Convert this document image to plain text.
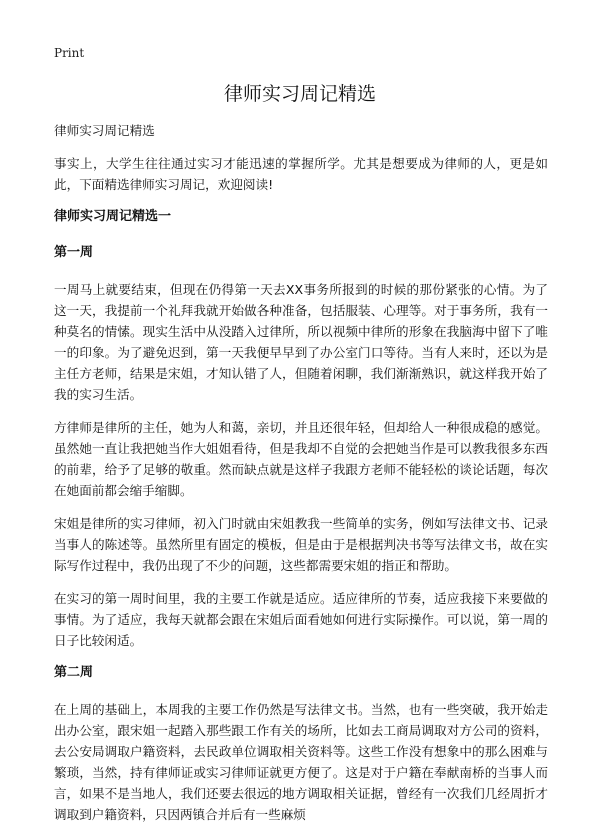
Print
律师实习周记精选

律师实习周记精选

事实上，大学生往往通过实习才能迅速的掌握所学。尤其是想要成为律师的人，更是如此，下面精选律师实习周记，欢迎阅读!

律师实习周记精选一

第一周

一周马上就要结束，但现在仍得第一天去XX事务所报到的时候的那份紧张的心情。为了这一天，我提前一个礼拜我就开始做各种准备，包括服装、心理等。对于事务所，我有一种莫名的情愫。现实生活中从没踏入过律所，所以视频中律所的形象在我脑海中留下了唯一的印象。为了避免迟到，第一天我便早早到了办公室门口等待。当有人来时，还以为是主任方老师，结果是宋姐，才知认错了人，但随着闲聊，我们渐渐熟识，就这样我开始了我的实习生活。

方律师是律所的主任，她为人和蔼，亲切，并且还很年轻，但却给人一种很成稳的感觉。虽然她一直让我把她当作大姐姐看待，但是我却不自觉的会把她当作是可以教我很多东西的前辈，给予了足够的敬重。然而缺点就是这样子我跟方老师不能轻松的谈论话题，每次在她面前都会缩手缩脚。

宋姐是律所的实习律师，初入门时就由宋姐教我一些简单的实务，例如写法律文书、记录当事人的陈述等。虽然所里有固定的模板，但是由于是根据判决书等写法律文书，故在实际写作过程中，我仍出现了不少的问题，这些都需要宋姐的指正和帮助。

在实习的第一周时间里，我的主要工作就是适应。适应律所的节奏，适应我接下来要做的事情。为了适应，我每天就都会跟在宋姐后面看她如何进行实际操作。可以说，第一周的日子比较闲适。

第二周

在上周的基础上，本周我的主要工作仍然是写法律文书。当然，也有一些突破，我开始走出办公室，跟宋姐一起踏入那些跟工作有关的场所，比如去工商局调取对方公司的资料，去公安局调取户籍资料，去民政单位调取相关资料等。这些工作没有想象中的那么困难与繁琐，当然，持有律师证或实习律师证就更方便了。这是对于户籍在奉献南桥的当事人而言，如果不是当地人，我们还要去很远的地方调取相关证据，曾经有一次我们几经周折才调取到户籍资料，只因两镇合并后有一些麻烦
